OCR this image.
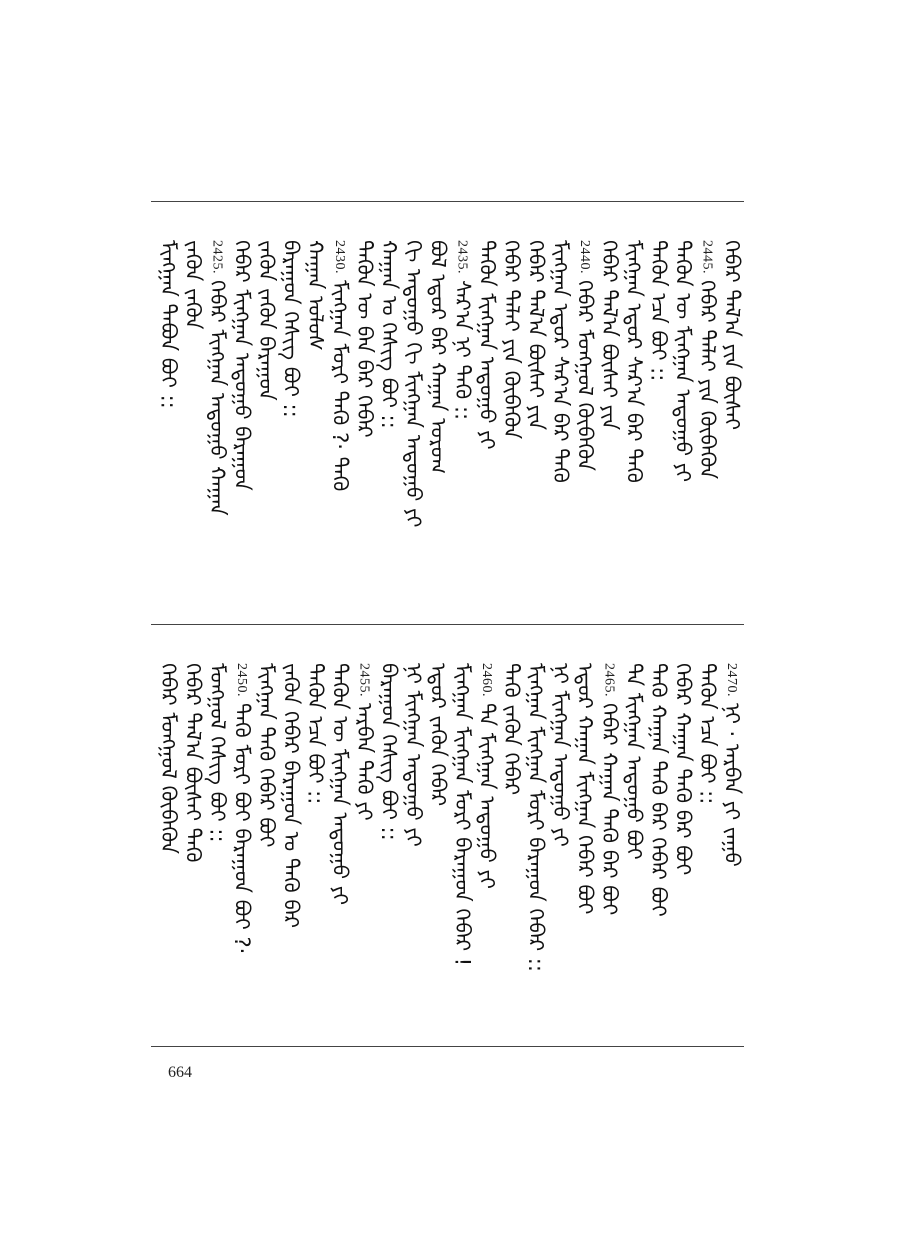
ᠬᠡᠪᠡᠷ ᠲᠠᠯ᠎ᠠ ᠶᠢᠨ ᠪᠦᠰᠡᠢ
2445.
ᠬᠡᠪᠡᠷ ᠳᠠᠯᠠᠢ ᠶᠢᠨ ᠬᠥᠪᠡᠭᠦᠨ
ᠲᠡᠭᠦᠨ ᠦ ᠮᠢᠩᠭᠠᠨ ᠠᠳᠤᠭᠤ ᠶᠢ
ᠲᠡᠭᠦᠨ ᠡᠴᠡ ᠪᠤᠢ ::
ᠮᠢᠩᠭᠠᠨ ᠡᠳᠦᠷ ᠰᠠᠷ᠎ᠠ ᠪᠠᠷ ᠲᠡᠭᠦ
ᠬᠡᠪᠡᠷ ᠲᠠᠯ᠎ᠠ ᠪᠦᠰᠡᠢ ᠶᠢᠨ
2440.
ᠬᠡᠪᠡᠷ ᠮᠣᠩᠭᠣᠯ ᠬᠥᠪᠡᠭᠦᠨ
ᠮᠢᠩᠭᠠᠨ ᠡᠳᠦᠷ ᠰᠠᠷ᠎ᠠ ᠪᠠᠷ ᠲᠡᠭᠦ
ᠬᠡᠪᠡᠷ ᠲᠠᠯ᠎ᠠ ᠪᠦᠰᠡᠢ ᠶᠢᠨ
ᠬᠡᠪᠡᠷ ᠳᠠᠯᠠᠢ ᠶᠢᠨ ᠬᠥᠪᠡᠭᠦᠨ
ᠲᠡᠭᠦᠨ ᠮᠢᠩᠭᠠᠨ ᠠᠳᠤᠭᠤ ᠶᠢ
2435.
ᠰᠠᠷ᠎ᠠ ᠨᠢ ᠲᠡᠭᠦ ::
ᠪᠣᠯ ᠡᠳᠦᠷ ᠪᠡᠷ ᠬᠠᠭᠠᠨ ᠤᠷᠤᠭ
ᠬᠢ ᠠᠳᠤᠭᠤ ᠬᠢ ᠮᠢᠩᠭᠠᠨ ᠠᠳᠤᠭᠤ ᠶᠢ
ᠬᠠᠭᠠᠨ ᠤ ᠬᠡᠰᠢᠭ ᠪᠤᠢ ::
ᠲᠡᠭᠦᠨ ᠦ ᠪᠡᠨ ᠪᠡᠷ ᠬᠡᠪᠡᠷ
2430.
ᠮᠢᠩᠭᠠᠨ ᠮᠣᠷᠢ ᠲᠡᠭᠦ ?· ᠲᠡᠭᠦ
ᠬᠠᠭᠠᠨ ᠤᠯᠤᠰ
ᠪᠠᠷᠠᠭᠤᠨ ᠬᠡᠰᠢᠭ ᠪᠤᠢ ::
ᠵᠡᠭᠦᠨ ᠵᠡᠭᠦᠨ ᠪᠠᠷᠠᠭᠤᠨ
ᠬᠡᠪᠡᠷ ᠮᠢᠩᠭᠠᠨ ᠠᠳᠤᠭᠤ ᠪᠠᠷᠠᠭᠤᠨ
2425.
ᠬᠡᠪᠡᠷ ᠮᠢᠩᠭᠠᠨ ᠠᠳᠤᠭᠤ ᠬᠠᠭᠠᠨ
ᠵᠡᠭᠦᠨ ᠵᠡᠭᠦᠨ
ᠮᠢᠩᠭᠠᠨ ᠲᠠᠪᠤᠨ ᠪᠤᠢ ::
2470.
ᠨᠢ · ᠠᠷᠪᠠᠨ ᠶᠢ ᠵᠠᠭᠤ
ᠲᠡᠭᠦᠨ ᠡᠴᠡ ᠪᠤᠢ ::
ᠬᠡᠪᠡᠷ ᠬᠠᠭᠠᠨ ᠲᠡᠭᠦ ᠪᠡᠷ ᠪᠤᠢ
ᠲᠡᠭᠦ ᠬᠠᠭᠠᠨ ᠲᠡᠭᠦ ᠪᠡᠷ ᠬᠡᠪᠡᠷ ᠪᠤᠢ
ᠲᠡ ᠮᠢᠩᠭᠠᠨ ᠠᠳᠤᠭᠤ ᠪᠤᠢ
2465.
ᠬᠡᠪᠡᠷ ᠬᠠᠭᠠᠨ ᠲᠡᠭᠦ ᠪᠡᠷ ᠪᠤᠢ
ᠡᠳᠦᠷ ᠬᠠᠭᠠᠨ ᠮᠢᠩᠭᠠᠨ ᠬᠡᠪᠡᠷ ᠪᠤᠢ
ᠨᠢ ᠮᠢᠩᠭᠠᠨ ᠠᠳᠤᠭᠤ ᠶᠢ
ᠮᠢᠩᠭᠠᠨ ᠮᠢᠩᠭᠠᠨ ᠮᠣᠷᠢ ᠪᠠᠷᠠᠭᠤᠨ ᠬᠡᠪᠡᠷ ::
ᠲᠡᠭᠦ ᠵᠡᠭᠦᠨ ᠬᠡᠪᠡᠷ
2460.
ᠲᠡ ᠮᠢᠩᠭᠠᠨ ᠠᠳᠤᠭᠤ ᠶᠢ
ᠮᠢᠩᠭᠠᠨ ᠮᠢᠩᠭᠠᠨ ᠮᠣᠷᠢ ᠪᠠᠷᠠᠭᠤᠨ ᠬᠡᠪᠡᠷ !
ᠡᠳᠦᠷ ᠵᠡᠭᠦᠨ ᠬᠡᠪᠡᠷ
ᠨᠢ ᠮᠢᠩᠭᠠᠨ ᠠᠳᠤᠭᠤ ᠶᠢ
ᠪᠠᠷᠠᠭᠤᠨ ᠬᠡᠰᠢᠭ ᠪᠤᠢ ::
2455.
ᠠᠷᠪᠠᠨ ᠲᠡᠭᠦ ᠶᠢ
ᠲᠡᠭᠦᠨ ᠦ ᠮᠢᠩᠭᠠᠨ ᠠᠳᠤᠭᠤ ᠶᠢ
ᠲᠡᠭᠦᠨ ᠡᠴᠡ ᠪᠤᠢ ::
ᠵᠡᠭᠦᠨ ᠬᠡᠪᠡᠷ ᠪᠠᠷᠠᠭᠤᠨ ᠤ ᠲᠡᠭᠦ ᠪᠡᠷ
ᠮᠢᠩᠭᠠᠨ ᠲᠡᠭᠦ ᠬᠡᠪᠡᠷ ᠪᠤᠢ
2450.
ᠲᠡᠭᠦ ᠮᠣᠷᠢ ᠪᠤᠢ ᠪᠠᠷᠠᠭᠤᠨ ᠪᠤᠢ ?·
ᠮᠣᠩᠭᠣᠯ ᠬᠡᠰᠢᠭ ᠪᠤᠢ ::
ᠬᠡᠪᠡᠷ ᠲᠠᠯ᠎ᠠ ᠪᠦᠰᠡᠢ ᠲᠡᠭᠦ
ᠬᠡᠪᠡᠷ ᠮᠣᠩᠭᠣᠯ ᠬᠥᠪᠡᠭᠦᠨ
664
